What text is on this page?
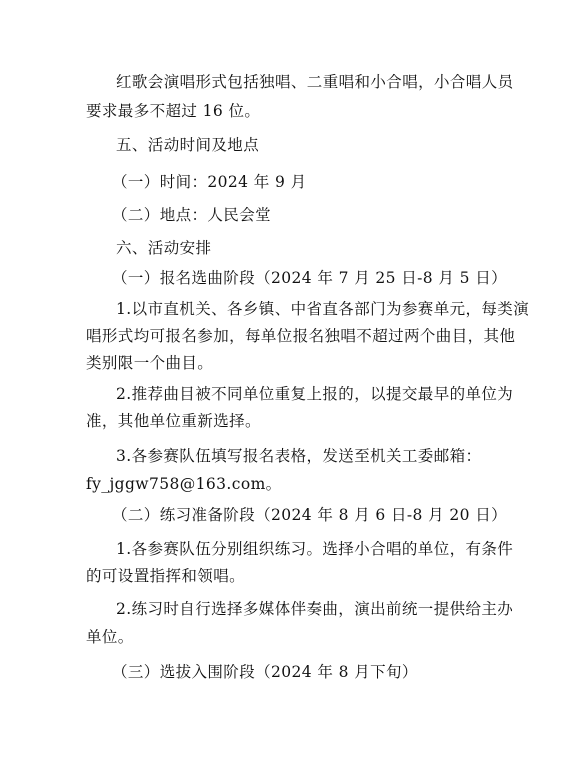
红歌会演唱形式包括独唱、二重唱和小合唱，小合唱人员
要求最多不超过 16 位。
五、活动时间及地点
（一）时间：2024 年 9 月
（二）地点：人民会堂
六、活动安排
（一）报名选曲阶段（2024 年 7 月 25 日-8 月 5 日）
1.以市直机关、各乡镇、中省直各部门为参赛单元，每类演
唱形式均可报名参加，每单位报名独唱不超过两个曲目，其他
类别限一个曲目。
2.推荐曲目被不同单位重复上报的，以提交最早的单位为
准，其他单位重新选择。
3.各参赛队伍填写报名表格，发送至机关工委邮箱：
fy_jggw758@163.com。
（二）练习准备阶段（2024 年 8 月 6 日-8 月 20 日）
1.各参赛队伍分别组织练习。选择小合唱的单位，有条件
的可设置指挥和领唱。
2.练习时自行选择多媒体伴奏曲，演出前统一提供给主办
单位。
（三）选拔入围阶段（2024 年 8 月下旬）
